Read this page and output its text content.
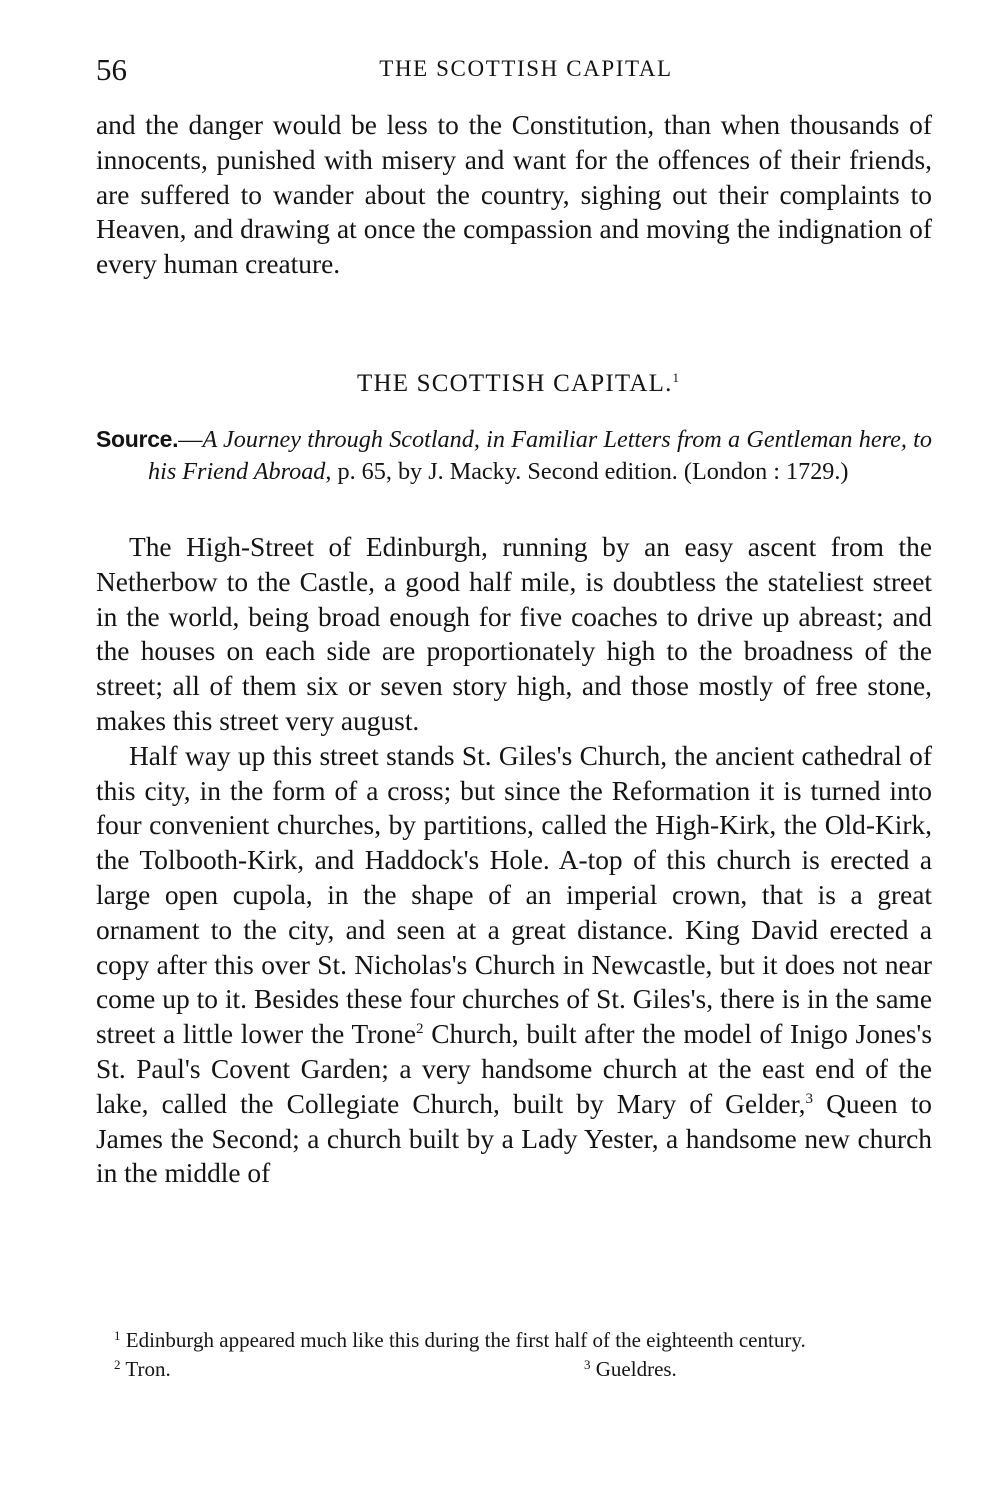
56	THE SCOTTISH CAPITAL

and the danger would be less to the Constitution, than when thousands of innocents, punished with misery and want for the offences of their friends, are suffered to wander about the country, sighing out their complaints to Heaven, and drawing at once the compassion and moving the indignation of every human creature.

THE SCOTTISH CAPITAL.$^1$

Source.—A Journey through Scotland, in Familiar Letters from a Gentleman here, to his Friend Abroad, p. 65, by J. Macky. Second edition. (London : 1729.)

The High-Street of Edinburgh, running by an easy ascent from the Netherbow to the Castle, a good half mile, is doubtless the stateliest street in the world, being broad enough for five coaches to drive up abreast; and the houses on each side are proportionately high to the broadness of the street; all of them six or seven story high, and those mostly of free stone, makes this street very august.

Half way up this street stands St. Giles's Church, the ancient cathedral of this city, in the form of a cross; but since the Reformation it is turned into four convenient churches, by partitions, called the High-Kirk, the Old-Kirk, the Tolbooth-Kirk, and Haddock's Hole. A-top of this church is erected a large open cupola, in the shape of an imperial crown, that is a great ornament to the city, and seen at a great distance. King David erected a copy after this over St. Nicholas's Church in Newcastle, but it does not near come up to it. Besides these four churches of St. Giles's, there is in the same street a little lower the Trone$^2$ Church, built after the model of Inigo Jones's St. Paul's Covent Garden; a very handsome church at the east end of the lake, called the Collegiate Church, built by Mary of Gelder,$^3$ Queen to James the Second; a church built by a Lady Yester, a handsome new church in the middle of

$^1$ Edinburgh appeared much like this during the first half of the eighteenth century.

$^2$ Tron.	$^3$ Gueldres.
